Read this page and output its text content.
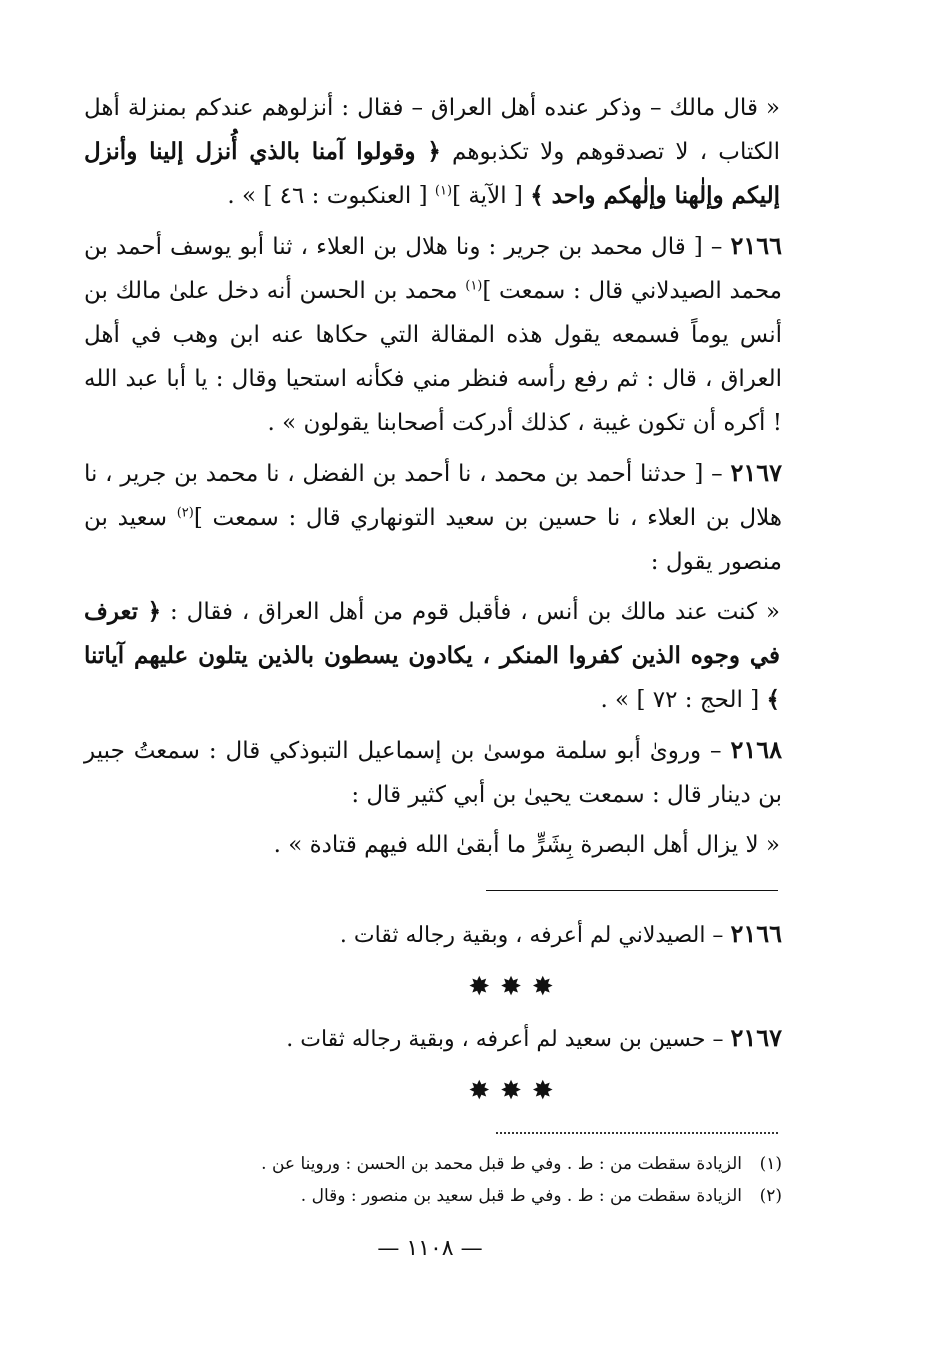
« قال مالك – وذكر عنده أهل العراق – فقال : أنزلوهم عندكم بمنزلة أهل الكتاب ، لا تصدقوهم ولا تكذبوهم ﴿ وقولوا آمنا بالذي أُنزل إلينا وأنزل إليكم وإلٰهنا وإلٰهكم واحد ﴾ [ الآية ]$^{(١)}$ [ العنكبوت : ٤٦ ] » .

٢١٦٦ – [ قال محمد بن جرير : ونا هلال بن العلاء ، ثنا أبو يوسف أحمد بن محمد الصيدلاني قال : سمعت ]$^{(١)}$ محمد بن الحسن أنه دخل علىٰ مالك بن أنس يوماً فسمعه يقول هذه المقالة التي حكاها عنه ابن وهب في أهل العراق ، قال : ثم رفع رأسه فنظر مني فكأنه استحيا وقال : يا أبا عبد الله ! أكره أن تكون غيبة ، كذلك أدركت أصحابنا يقولون » .

٢١٦٧ – [ حدثنا أحمد بن محمد ، نا أحمد بن الفضل ، نا محمد بن جرير ، نا هلال بن العلاء ، نا حسين بن سعيد التونهاري قال : سمعت ]$^{(٢)}$ سعيد بن منصور يقول :

« كنت عند مالك بن أنس ، فأقبل قوم من أهل العراق ، فقال : ﴿ تعرف في وجوه الذين كفروا المنكر ، يكادون يسطون بالذين يتلون عليهم آياتنا ﴾ [ الحج : ٧٢ ] » .

٢١٦٨ – وروىٰ أبو سلمة موسىٰ بن إسماعيل التبوذكي قال : سمعتُ جبير بن دينار قال : سمعت يحيىٰ بن أبي كثير قال :

« لا يزال أهل البصرة بِشَرٍّ ما أبقىٰ الله فيهم قتادة » .

٢١٦٦ – الصيدلاني لم أعرفه ، وبقية رجاله ثقات .

✸✸✸

٢١٦٧ – حسين بن سعيد لم أعرفه ، وبقية رجاله ثقات .

✸✸✸

(١)الزيادة سقطت من : ط . وفي ط قبل محمد بن الحسن : وروينا عن .

(٢)الزيادة سقطت من : ط . وفي ط قبل سعيد بن منصور : وقال .

— ١١٠٨ —
